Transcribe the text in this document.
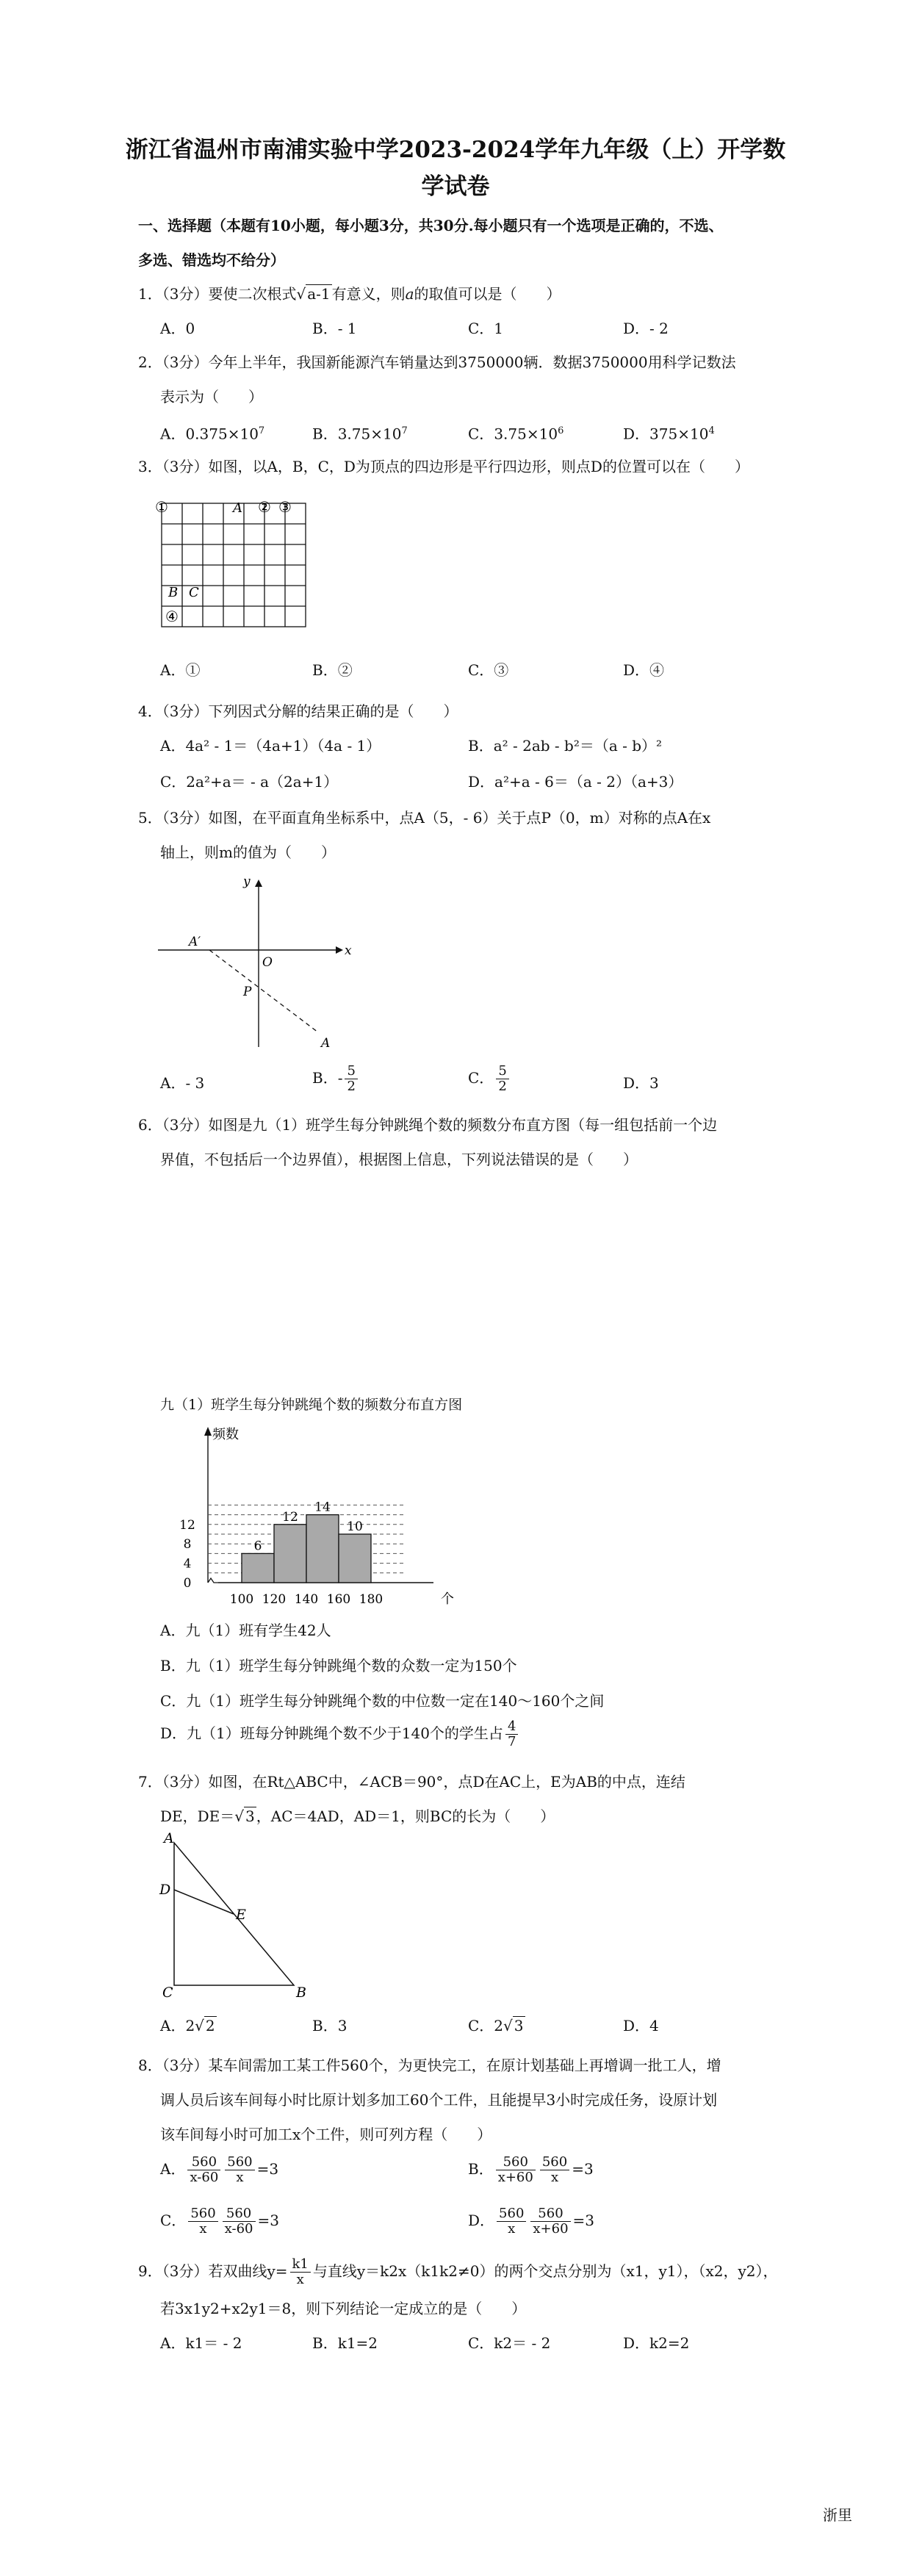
浙江省温州市南浦实验中学2023-2024学年九年级（上）开学数
学试卷
一、选择题（本题有10小题，每小题3分，共30分.每小题只有一个选项是正确的，不选、
多选、错选均不给分）
1．（3分）要使二次根式√ a-1 有意义，则a的取值可以是（　　）
A．0	B．- 1	C．1	D．- 2
2．（3分）今年上半年，我国新能源汽车销量达到3750000辆．数据3750000用科学记数法
表示为（　　）
A．$0.375\times 10^7$	B．$3.75\times 10^7$	C．$3.75\times 10^6$	D．$375\times 10^4$
3．（3分）如图，以A，B，C，D为顶点的四边形是平行四边形，则点D的位置可以在（　　）
①	A ② ③
B C
④
A．①	B．②	C．③	D．④
4．（3分）下列因式分解的结果正确的是（　　）
A．4a² - 1＝（4a+1）（4a - 1）	B．a² - 2ab - b²＝（a - b）²
C．2a²+a＝ - a（2a+1）	D．a²+a - 6＝（a - 2）（a+3）
5．（3分）如图，在平面直角坐标系中，点A（5，- 6）关于点P（0，m）对称的点A在x
轴上，则m的值为（　　）
y
x
O
A′
P
A
A．- 3	B．- $\frac{5}{2}$	C． $\frac{5}{2}$	D．3
6．（3分）如图是九（1）班学生每分钟跳绳个数的频数分布直方图（每一组包括前一个边
界值，不包括后一个边界值），根据图上信息，下列说法错误的是（　　）
九（1）班学生每分钟跳绳个数的频数分布直方图
频数
个
6
12
14
10
0
4
8
12
100 120 140 160 180
A．九（1）班有学生42人
B．九（1）班学生每分钟跳绳个数的众数一定为150个
C．九（1）班学生每分钟跳绳个数的中位数一定在140～160个之间
D．九（1）班每分钟跳绳个数不少于140个的学生占 $\frac{4}{7}$
7．（3分）如图，在Rt△ABC中，∠ACB＝90°，点D在AC上，E为AB的中点，连结
DE，DE＝√ 3 ，AC＝4AD，AD＝1，则BC的长为（　　）
A
D
E
C	B
A．2√ 2	B．3	C．2√ 3	D．4
8．（3分）某车间需加工某工件560个，为更快完工，在原计划基础上再增调一批工人，增
调人员后该车间每小时比原计划多加工60个工件，且能提早3小时完成任务，设原计划
该车间每小时可加工x个工件，则可列方程（　　）
A． $\frac{560}{x-60} \frac{560}{x} =3$	B． $\frac{560}{x+60} \frac{560}{x} =3$
C． $\frac{560}{x} \frac{560}{x-60} =3$	D． $\frac{560}{x} \frac{560}{x+60} =3$
9．（3分）若双曲线$y= \frac{k1}{x}$ 与直线y＝k2x（k1k2≠0）的两个交点分别为（x1，y1），（x2，y2），
若3x1y2+x2y1＝8，则下列结论一定成立的是（　　）
A．k1＝ - 2	B．k1=2	C．k2＝ - 2	D．k2=2
浙里
